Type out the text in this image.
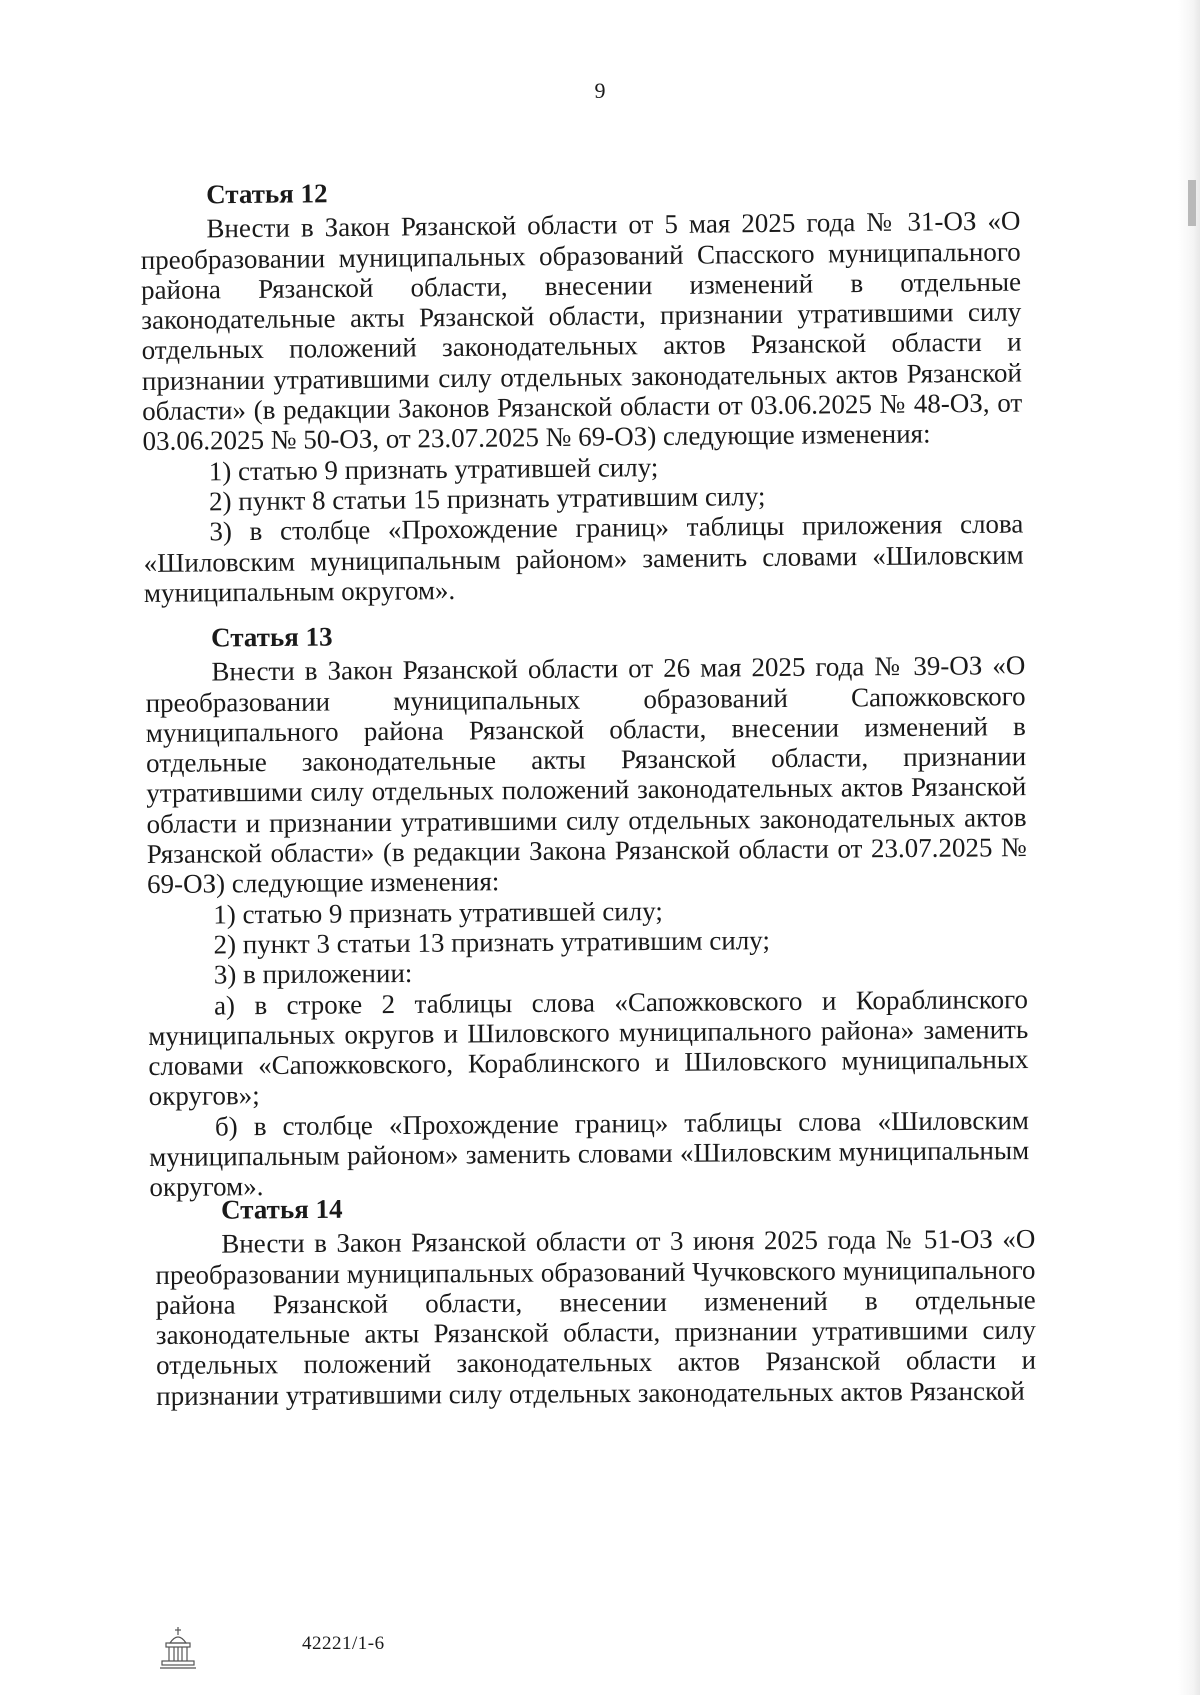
9

Статья 12

Внести в Закон Рязанской области от 5 мая 2025 года № 31-ОЗ «О преобразовании муниципальных образований Спасского муниципального района Рязанской области, внесении изменений в отдельные законодательные акты Рязанской области, признании утратившими силу отдельных положений законодательных актов Рязанской области и признании утратившими силу отдельных законодательных актов Рязанской области» (в редакции Законов Рязанской области от 03.06.2025 № 48-ОЗ, от 03.06.2025 № 50-ОЗ, от 23.07.2025 № 69-ОЗ) следующие изменения:

1) статью 9 признать утратившей силу;

2) пункт 8 статьи 15 признать утратившим силу;

3) в столбце «Прохождение границ» таблицы приложения слова «Шиловским муниципальным районом» заменить словами «Шиловским муниципальным округом».

Статья 13

Внести в Закон Рязанской области от 26 мая 2025 года № 39-ОЗ «О преобразовании муниципальных образований Сапожковского муниципального района Рязанской области, внесении изменений в отдельные законодательные акты Рязанской области, признании утратившими силу отдельных положений законодательных актов Рязанской области и признании утратившими силу отдельных законодательных актов Рязанской области» (в редакции Закона Рязанской области от 23.07.2025 № 69-ОЗ) следующие изменения:

1) статью 9 признать утратившей силу;

2) пункт 3 статьи 13 признать утратившим силу;

3) в приложении:

а) в строке 2 таблицы слова «Сапожковского и Кораблинского муниципальных округов и Шиловского муниципального района» заменить словами «Сапожковского, Кораблинского и Шиловского муниципальных округов»;

б) в столбце «Прохождение границ» таблицы слова «Шиловским муниципальным районом» заменить словами «Шиловским муниципальным округом».

Статья 14

Внести в Закон Рязанской области от 3 июня 2025 года № 51-ОЗ «О преобразовании муниципальных образований Чучковского муниципального района Рязанской области, внесении изменений в отдельные законодательные акты Рязанской области, признании утратившими силу отдельных положений законодательных актов Рязанской области и признании утратившими силу отдельных законодательных актов Рязанской

42221/1-6
